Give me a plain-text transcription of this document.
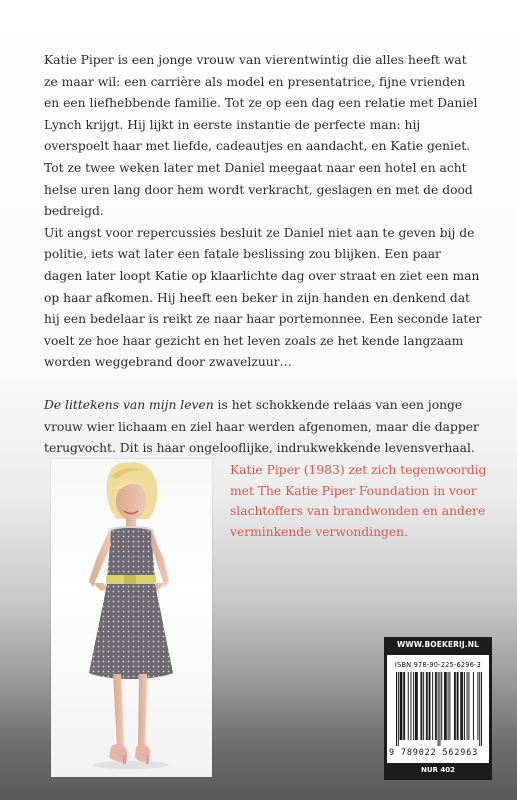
Katie Piper is een jonge vrouw van vierentwintig die alles heeft wat ze maar wil: een carrière als model en presentatrice, fijne vrienden en een liefhebbende familie. Tot ze op een dag een relatie met Daniel Lynch krijgt. Hij lijkt in eerste instantie de perfecte man: hij overspoelt haar met liefde, cadeautjes en aandacht, en Katie geniet. Tot ze twee weken later met Daniel meegaat naar een hotel en acht helse uren lang door hem wordt verkracht, geslagen en met de dood bedreigd.

Uit angst voor repercussies besluit ze Daniel niet aan te geven bij de politie, iets wat later een fatale beslissing zou blijken. Een paar dagen later loopt Katie op klaarlichte dag over straat en ziet een man op haar afkomen. Hij heeft een beker in zijn handen en denkend dat hij een bedelaar is reikt ze naar haar portemonnee. Een seconde later voelt ze hoe haar gezicht en het leven zoals ze het kende langzaam worden weggebrand door zwavelzuur…

De littekens van mijn leven is het schokkende relaas van een jonge vrouw wier lichaam en ziel haar werden afgenomen, maar die dapper terugvocht. Dit is haar ongelooflijke, indrukwekkende levensverhaal.

Katie Piper (1983) zet zich tegenwoordig met The Katie Piper Foundation in voor slachtoffers van brandwonden en andere verminkende verwondingen.
WWW.BOEKERIJ.NL
ISBN 978-90-225-6296-3
9 789022 562963
NUR 402
